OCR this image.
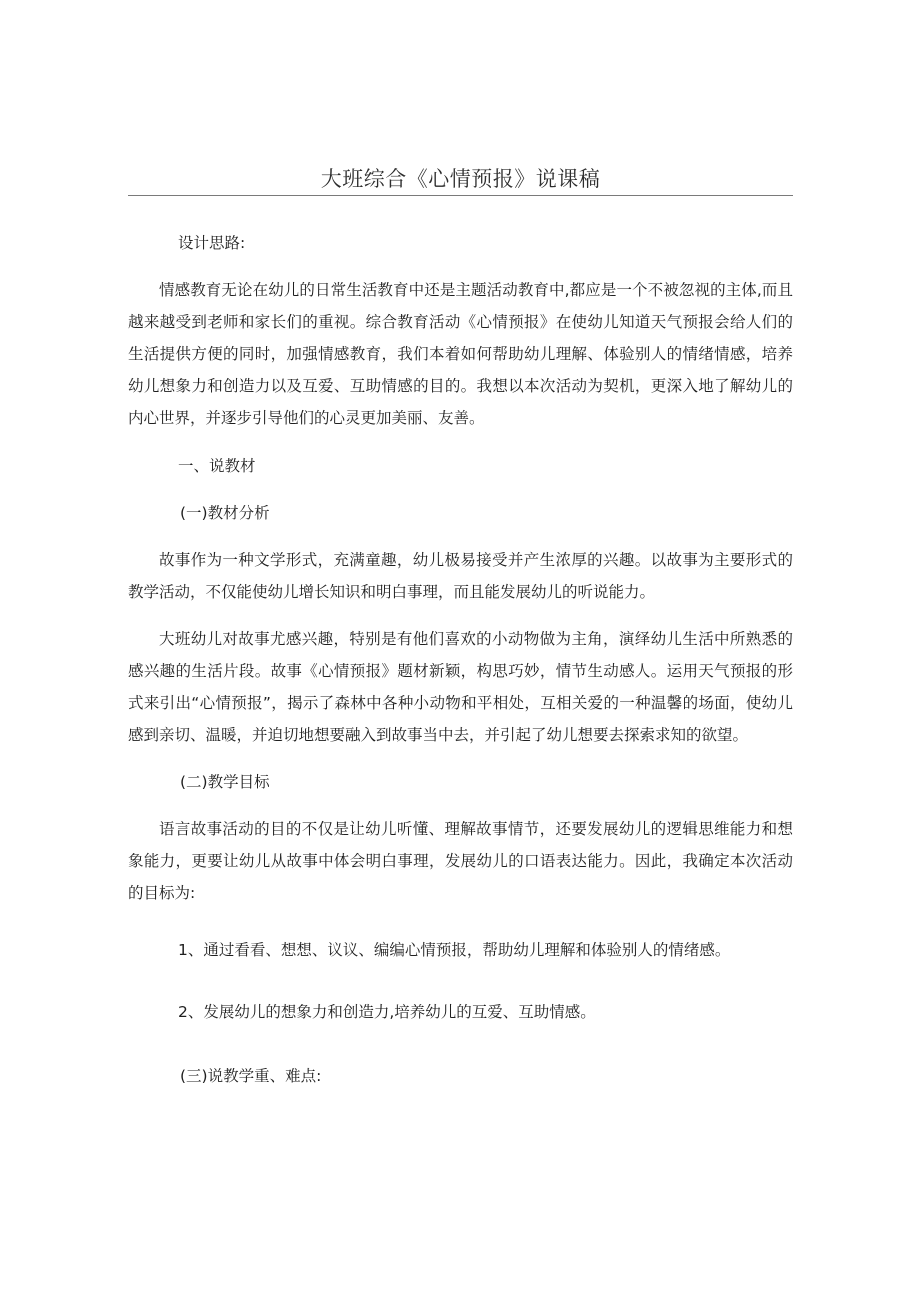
大班综合《心情预报》说课稿

设计思路:

情感教育无论在幼儿的日常生活教育中还是主题活动教育中,都应是一个不被忽视的主体,而且越来越受到老师和家长们的重视。综合教育活动《心情预报》在使幼儿知道天气预报会给人们的生活提供方便的同时，加强情感教育，我们本着如何帮助幼儿理解、体验别人的情绪情感，培养幼儿想象力和创造力以及互爱、互助情感的目的。我想以本次活动为契机，更深入地了解幼儿的内心世界，并逐步引导他们的心灵更加美丽、友善。

一、说教材

(一)教材分析

故事作为一种文学形式，充满童趣，幼儿极易接受并产生浓厚的兴趣。以故事为主要形式的教学活动，不仅能使幼儿增长知识和明白事理，而且能发展幼儿的听说能力。

大班幼儿对故事尤感兴趣，特别是有他们喜欢的小动物做为主角，演绎幼儿生活中所熟悉的感兴趣的生活片段。故事《心情预报》题材新颖，构思巧妙，情节生动感人。运用天气预报的形式来引出“心情预报”，揭示了森林中各种小动物和平相处，互相关爱的一种温馨的场面，使幼儿感到亲切、温暖，并迫切地想要融入到故事当中去，并引起了幼儿想要去探索求知的欲望。

(二)教学目标

语言故事活动的目的不仅是让幼儿听懂、理解故事情节，还要发展幼儿的逻辑思维能力和想象能力，更要让幼儿从故事中体会明白事理，发展幼儿的口语表达能力。因此，我确定本次活动的目标为:

1、通过看看、想想、议议、编编心情预报，帮助幼儿理解和体验别人的情绪感。

2、发展幼儿的想象力和创造力,培养幼儿的互爱、互助情感。

(三)说教学重、难点:
